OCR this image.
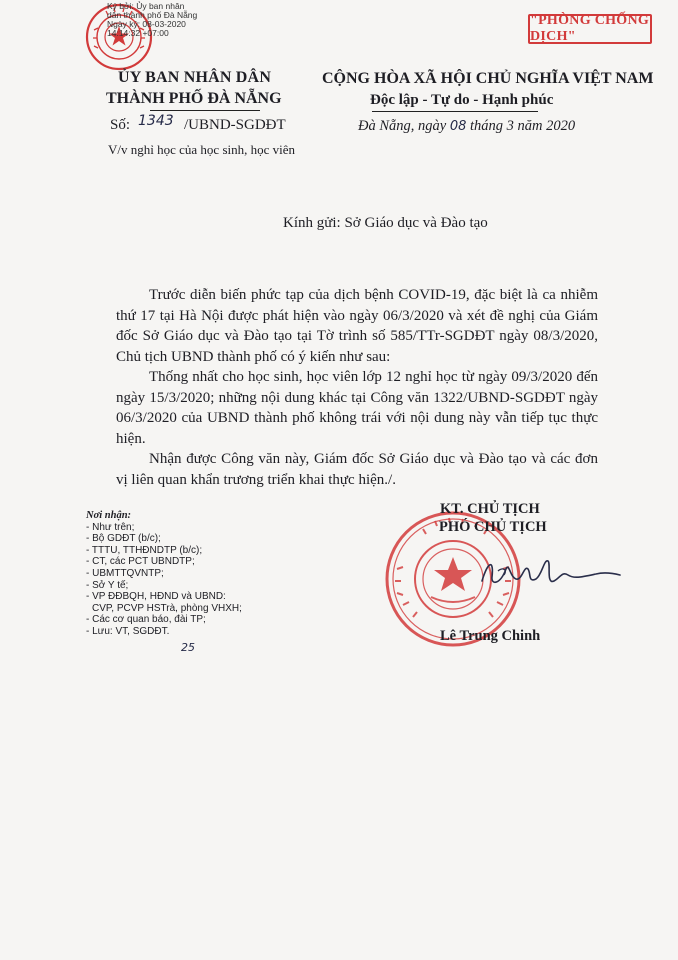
Ký bởi: Ủy ban nhân
dân thành phố Đà Nẵng
Ngày ký: 08-03-2020
14:14:32 +07:00
"PHÒNG CHỐNG DỊCH"
ỦY BAN NHÂN DÂN
THÀNH PHỐ ĐÀ NẴNG
Số: 1343 /UBND-SGDĐT
V/v nghỉ học của học sinh, học viên
CỘNG HÒA XÃ HỘI CHỦ NGHĨA VIỆT NAM
Độc lập - Tự do - Hạnh phúc
Đà Nẵng, ngày 08 tháng 3 năm 2020
Kính gửi: Sở Giáo dục và Đào tạo
Trước diễn biến phức tạp của dịch bệnh COVID-19, đặc biệt là ca nhiễm thứ 17 tại Hà Nội được phát hiện vào ngày 06/3/2020 và xét đề nghị của Giám đốc Sở Giáo dục và Đào tạo tại Tờ trình số 585/TTr-SGDĐT ngày 08/3/2020, Chủ tịch UBND thành phố có ý kiến như sau:
Thống nhất cho học sinh, học viên lớp 12 nghỉ học từ ngày 09/3/2020 đến ngày 15/3/2020; những nội dung khác tại Công văn 1322/UBND-SGDĐT ngày 06/3/2020 của UBND thành phố không trái với nội dung này vẫn tiếp tục thực hiện.
Nhận được Công văn này, Giám đốc Sở Giáo dục và Đào tạo và các đơn vị liên quan khẩn trương triển khai thực hiện./.
Nơi nhận:
- Như trên;
- Bộ GDĐT (b/c);
- TTTU, TTHĐNDTP (b/c);
- CT, các PCT UBNDTP;
- UBMTTQVNTP;
- Sở Y tế;
- VP ĐĐBQH, HĐND và UBND:
CVP, PCVP HSTrà, phòng VHXH;
- Các cơ quan báo, đài TP;
- Lưu: VT, SGDĐT.
25
KT. CHỦ TỊCH
PHÓ CHỦ TỊCH
Lê Trung Chinh
